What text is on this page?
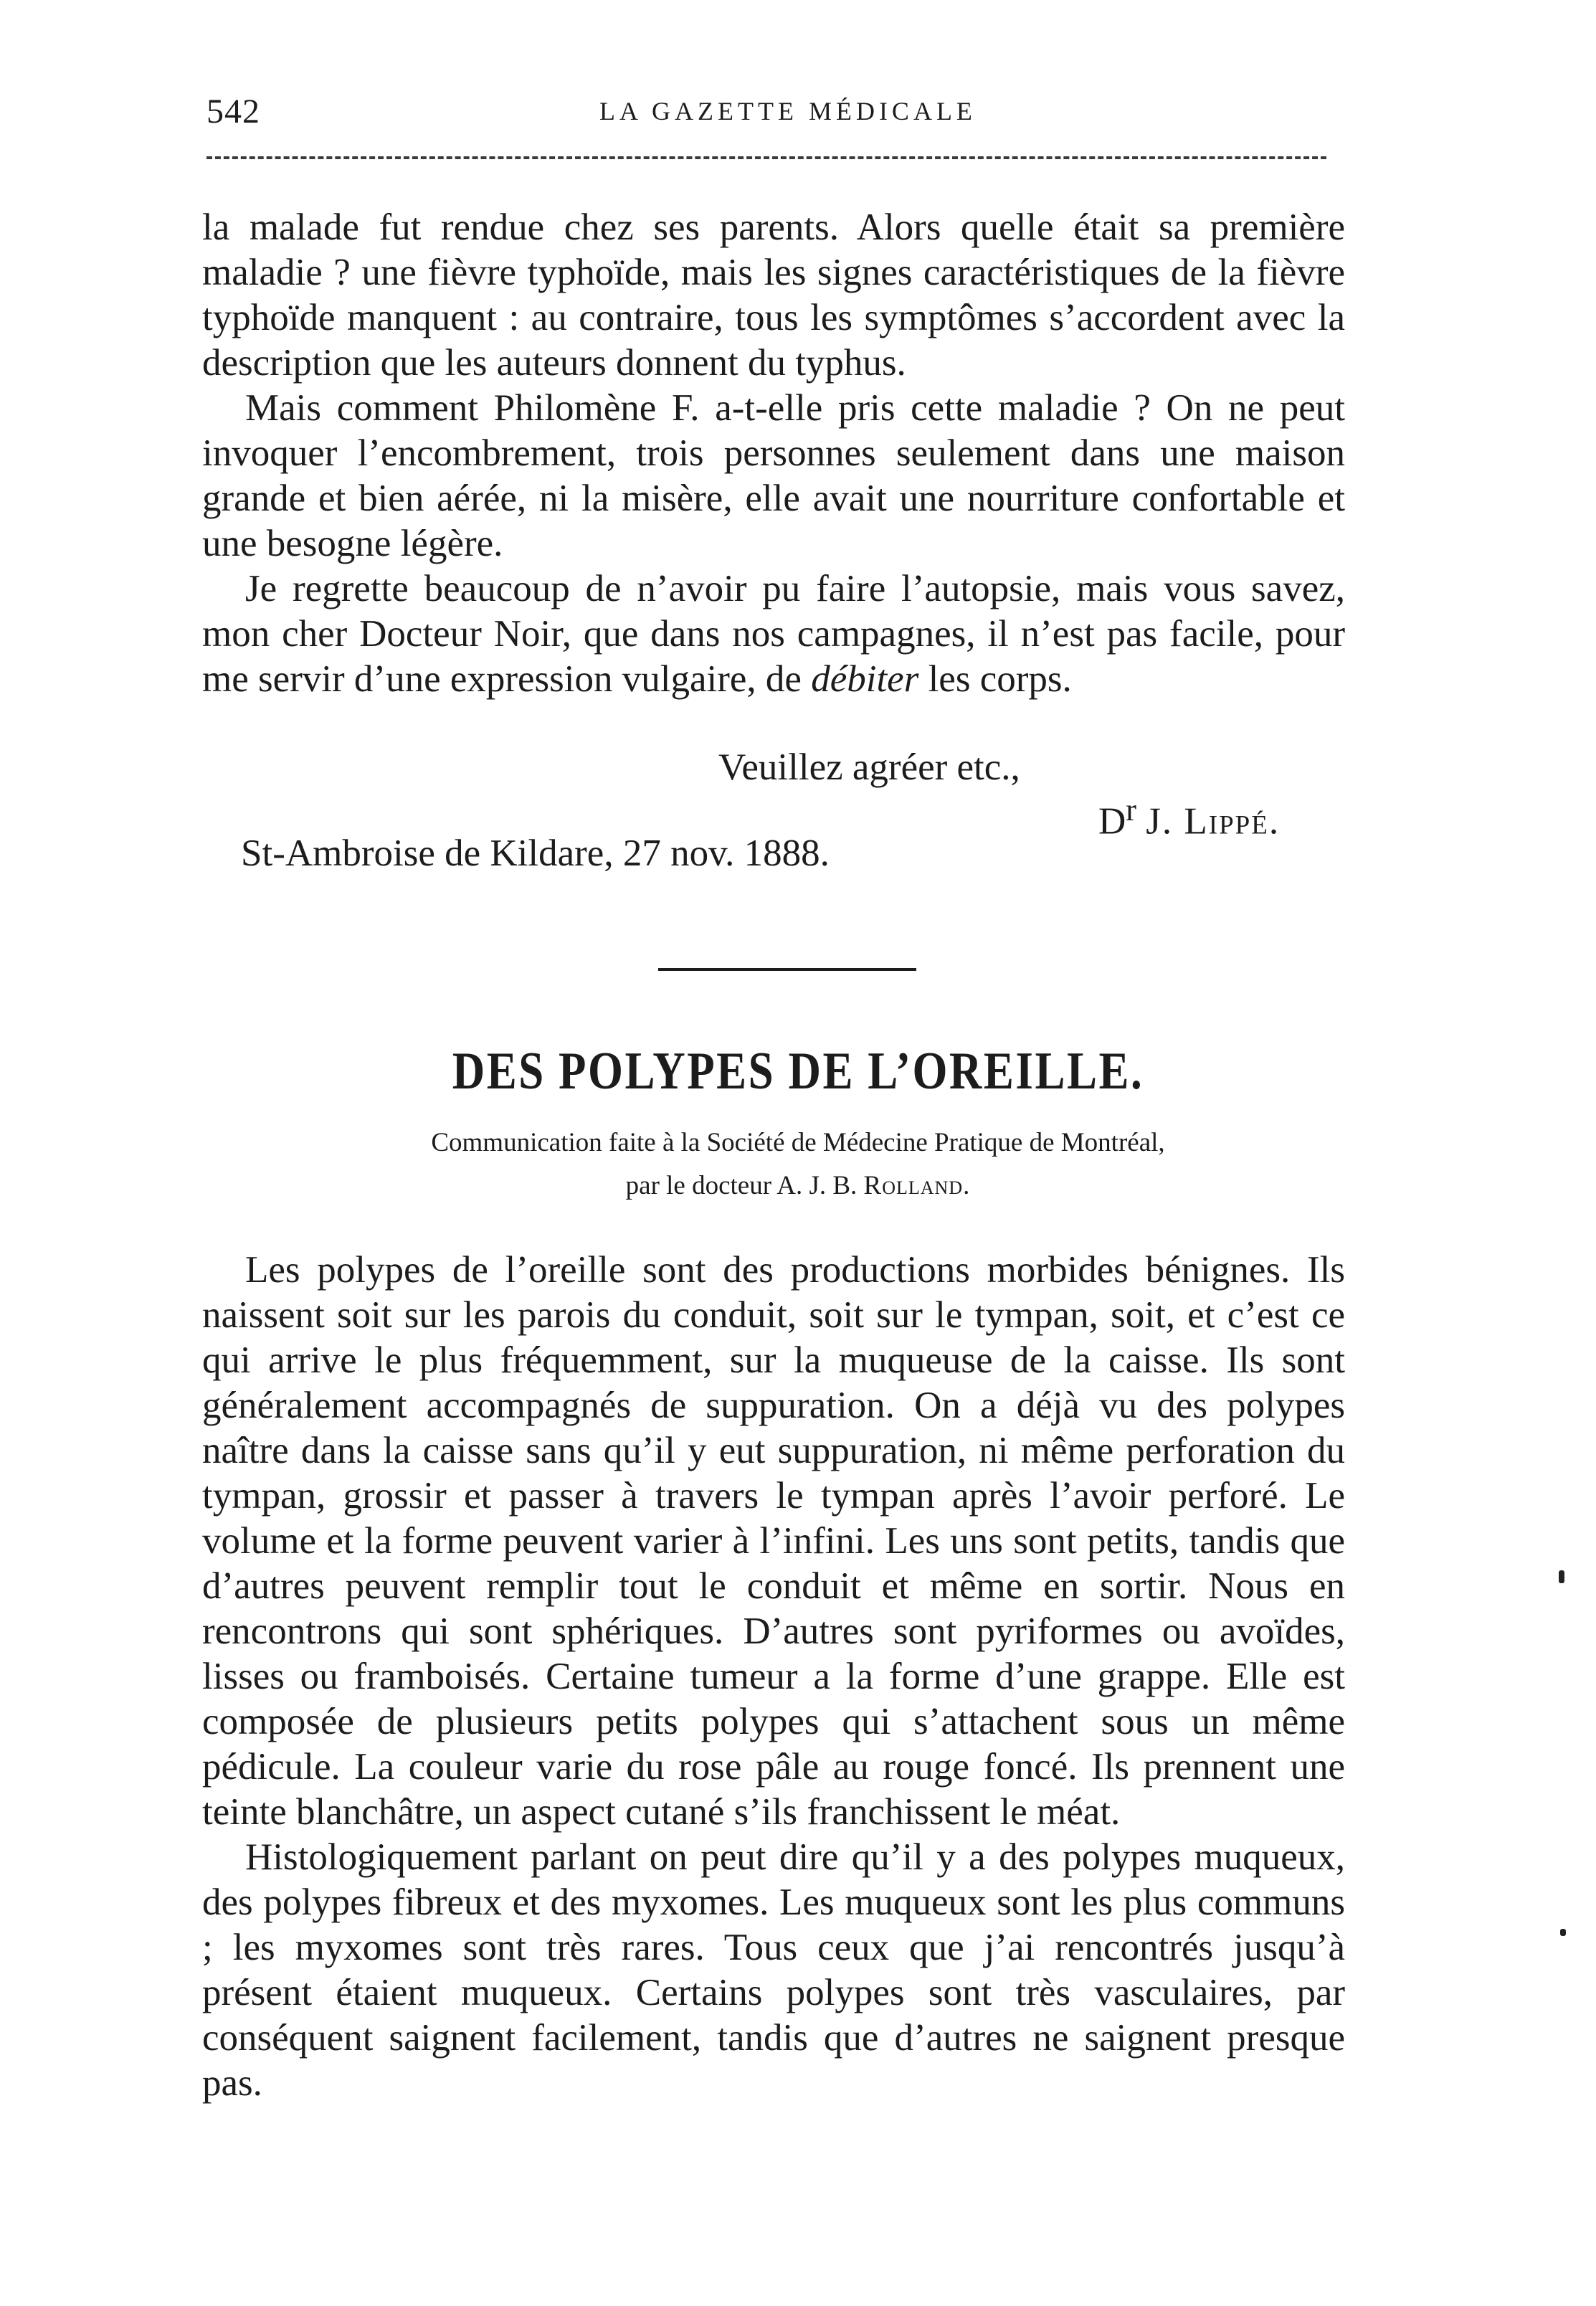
542	LA GAZETTE MÉDICALE

la malade fut rendue chez ses parents. Alors quelle était sa première maladie ? une fièvre typhoïde, mais les signes caractéristiques de la fièvre typhoïde manquent : au contraire, tous les symptômes s’accordent avec la description que les auteurs donnent du typhus.

Mais comment Philomène F. a-t-elle pris cette maladie ? On ne peut invoquer l’encombrement, trois personnes seulement dans une maison grande et bien aérée, ni la misère, elle avait une nourriture confortable et une besogne légère.

Je regrette beaucoup de n’avoir pu faire l’autopsie, mais vous savez, mon cher Docteur Noir, que dans nos campagnes, il n’est pas facile, pour me servir d’une expression vulgaire, de débiter les corps.

Veuillez agréer etc.,
$D^r$ J. Lippé.
St-Ambroise de Kildare, 27 nov. 1888.
DES POLYPES DE L’OREILLE.
Communication faite à la Société de Médecine Pratique de Montréal,
par le docteur A. J. B. Rolland.

Les polypes de l’oreille sont des productions morbides bénignes. Ils naissent soit sur les parois du conduit, soit sur le tympan, soit, et c’est ce qui arrive le plus fréquemment, sur la muqueuse de la caisse. Ils sont généralement accompagnés de suppuration. On a déjà vu des polypes naître dans la caisse sans qu’il y eut suppuration, ni même perforation du tympan, grossir et passer à travers le tympan après l’avoir perforé. Le volume et la forme peuvent varier à l’infini. Les uns sont petits, tandis que d’autres peuvent remplir tout le conduit et même en sortir. Nous en rencontrons qui sont sphériques. D’autres sont pyriformes ou avoïdes, lisses ou framboisés. Certaine tumeur a la forme d’une grappe. Elle est composée de plusieurs petits polypes qui s’attachent sous un même pédicule. La couleur varie du rose pâle au rouge foncé. Ils prennent une teinte blanchâtre, un aspect cutané s’ils franchissent le méat.

Histologiquement parlant on peut dire qu’il y a des polypes muqueux, des polypes fibreux et des myxomes. Les muqueux sont les plus communs ; les myxomes sont très rares. Tous ceux que j’ai rencontrés jusqu’à présent étaient muqueux. Certains polypes sont très vasculaires, par conséquent saignent facilement, tandis que d’autres ne saignent presque pas.
